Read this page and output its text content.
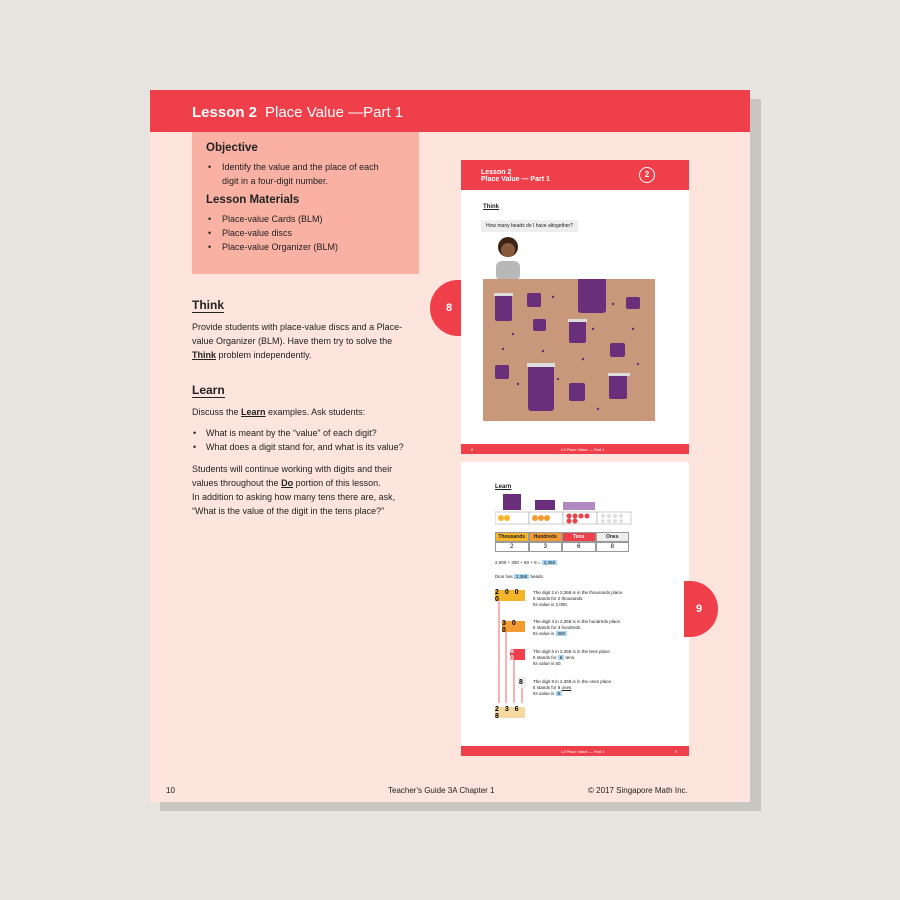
Lesson 2 Place Value —Part 1
Objective
• Identify the value and the place of each
digit in a four-digit number.
Lesson Materials
• Place-value Cards (BLM)
• Place-value discs
• Place-value Organizer (BLM)
Think
Provide students with place-value discs and a Place-
value Organizer (BLM). Have them try to solve the
Think problem independently.
Learn
Discuss the Learn examples. Ask students:
• What is meant by the “value” of each digit?
• What does a digit stand for, and what is its value?
Students will continue working with digits and their
values throughout the Do portion of this lesson.
In addition to asking how many tens there are, ask,
“What is the value of the digit in the tens place?”
8
Lesson 2
Place Value — Part 1
2
Think
How many beads do I have altogether?
8	L2 Place Value — Part 1
Learn
Thousands	Hundreds	Tens	Ones
2	3	6	8
2,000 + 300 + 60 + 8 = 2,368
Dion has 2,368 beads.
2 0 0 0
3 0 0
6 0
8
2 3 6 8
The digit 2 in 2,368 is in the thousands place.
It stands for 2 thousands.
Its value is 2,000.
The digit 3 in 2,368 is in the hundreds place.
It stands for 3 hundreds.
Its value is 300
The digit 6 in 2,368 is in the tens place.
It stands for 6 tens.
Its value is 60.
The digit 8 in 2,368 is in the ones place.
It stands for 8 ones
Its value is 8
L2 Place Value — Part 1	9
9
10	Teacher's Guide 3A Chapter 1	© 2017 Singapore Math Inc.
